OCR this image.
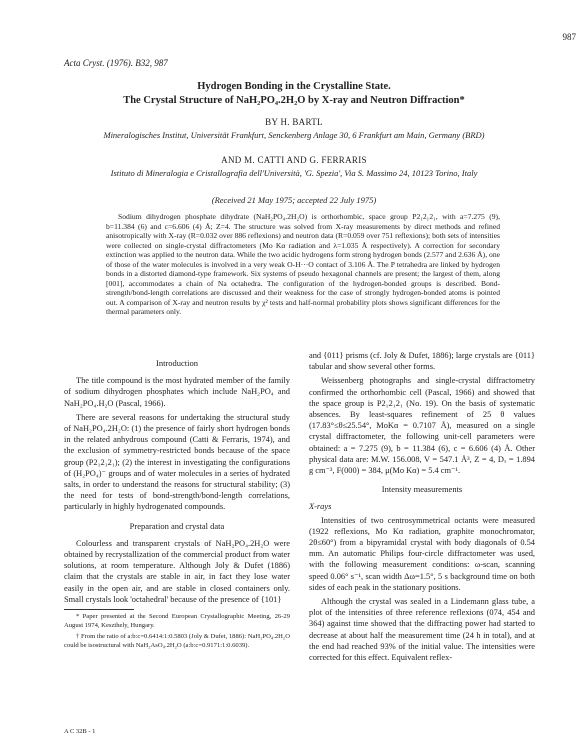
987
Acta Cryst. (1976). B32, 987
Hydrogen Bonding in the Crystalline State.
The Crystal Structure of NaH₂PO₄.2H₂O by X-ray and Neutron Diffraction*
BY H. BARTL
Mineralogisches Institut, Universität Frankfurt, Senckenberg Anlage 30, 6 Frankfurt am Main, Germany (BRD)
AND M. CATTI AND G. FERRARIS
Istituto di Mineralogia e Cristallografia dell'Università, 'G. Spezia', Via S. Massimo 24, 10123 Torino, Italy
(Received 21 May 1975; accepted 22 July 1975)

Sodium dihydrogen phosphate dihydrate (NaH₂PO₄.2H₂O) is orthorhombic, space group P2₁2₁2₁, with a=7.275 (9), b=11.384 (6) and c=6.606 (4) Å; Z=4. The structure was solved from X-ray measurements by direct methods and refined anisotropically with X-ray (R=0.032 over 886 reflexions) and neutron data (R=0.059 over 751 reflexions); both sets of intensities were collected on single-crystal diffractometers (Mo Kα radiation and λ=1.035 Å respectively). A correction for secondary extinction was applied to the neutron data. While the two acidic hydrogens form strong hydrogen bonds (2.577 and 2.636 Å), one of those of the water molecules is involved in a very weak O-H···O contact of 3.106 Å. The P tetrahedra are linked by hydrogen bonds in a distorted diamond-type framework. Six systems of pseudo hexagonal channels are present; the largest of them, along [001], accommodates a chain of Na octahedra. The configuration of the hydrogen-bonded groups is described. Bond-strength/bond-length correlations are discussed and their weakness for the case of strongly hydrogen-bonded atoms is pointed out. A comparison of X-ray and neutron results by χ² tests and half-normal probability plots shows significant differences for the thermal parameters only.

Introduction

The title compound is the most hydrated member of the family of sodium dihydrogen phosphates which include NaH₂PO₄ and NaH₂PO₄.H₂O (Pascal, 1966).

There are several reasons for undertaking the structural study of NaH₂PO₄.2H₂O: (1) the presence of fairly short hydrogen bonds in the related anhydrous compound (Catti & Ferraris, 1974), and the exclusion of symmetry-restricted bonds because of the space group (P2₁2₁2₁); (2) the interest in investigating the configurations of (H₂PO₄)⁻ groups and of water molecules in a series of hydrated salts, in order to understand the reasons for structural stability; (3) the need for tests of bond-strength/bond-length correlations, particularly in highly hydrogenated compounds.

Preparation and crystal data

Colourless and transparent crystals of NaH₂PO₄.2H₂O were obtained by recrystallization of the commercial product from water solutions, at room temperature. Although Joly & Dufet (1886) claim that the crystals are stable in air, in fact they lose water easily in the open air, and are stable in closed containers only. Small crystals look 'octahedral' because of the presence of {101}

* Paper presented at the Second European Crystallographic Meeting, 26-29 August 1974, Keszthely, Hungary.

† From the ratio of a:b:c=0.6414:1:0.5803 (Joly & Dufet, 1886): NaH₂PO₄.2H₂O could be isostructural with NaH₂AsO₄.2H₂O (a:b:c=0.9171:1:0.6039).

and {011} prisms (cf. Joly & Dufet, 1886); large crystals are {011} tabular and show several other forms.

Weissenberg photographs and single-crystal diffractometry confirmed the orthorhombic cell (Pascal, 1966) and showed that the space group is P2₁2₁2₁ (No. 19). On the basis of systematic absences. By least-squares refinement of 25 θ values (17.83°≤θ≤25.54°, MoKα = 0.7107 Å), measured on a single crystal diffractometer, the following unit-cell parameters were obtained: a = 7.275 (9), b = 11.384 (6), c = 6.606 (4) Å. Other physical data are: M.W. 156.008, V = 547.1 Å³, Z = 4, Dₓ = 1.894 g cm⁻³, F(000) = 384, μ(Mo Kα) = 5.4 cm⁻¹.

Intensity measurements
X-rays

Intensities of two centrosymmetrical octants were measured (1922 reflexions, Mo Kα radiation, graphite monochromator, 2θ≤60°) from a bipyramidal crystal with body diagonals of 0.54 mm. An automatic Philips four-circle diffractometer was used, with the following measurement conditions: ω-scan, scanning speed 0.06° s⁻¹, scan width Δω=1.5°, 5 s background time on both sides of each peak in the stationary positions.

Although the crystal was sealed in a Lindemann glass tube, a plot of the intensities of three reference reflexions (074, 454 and 364) against time showed that the diffracting power had started to decrease at about half the measurement time (24 h in total), and at the end had reached 93% of the initial value. The intensities were corrected for this effect. Equivalent reflex-

A C 32B - 1
